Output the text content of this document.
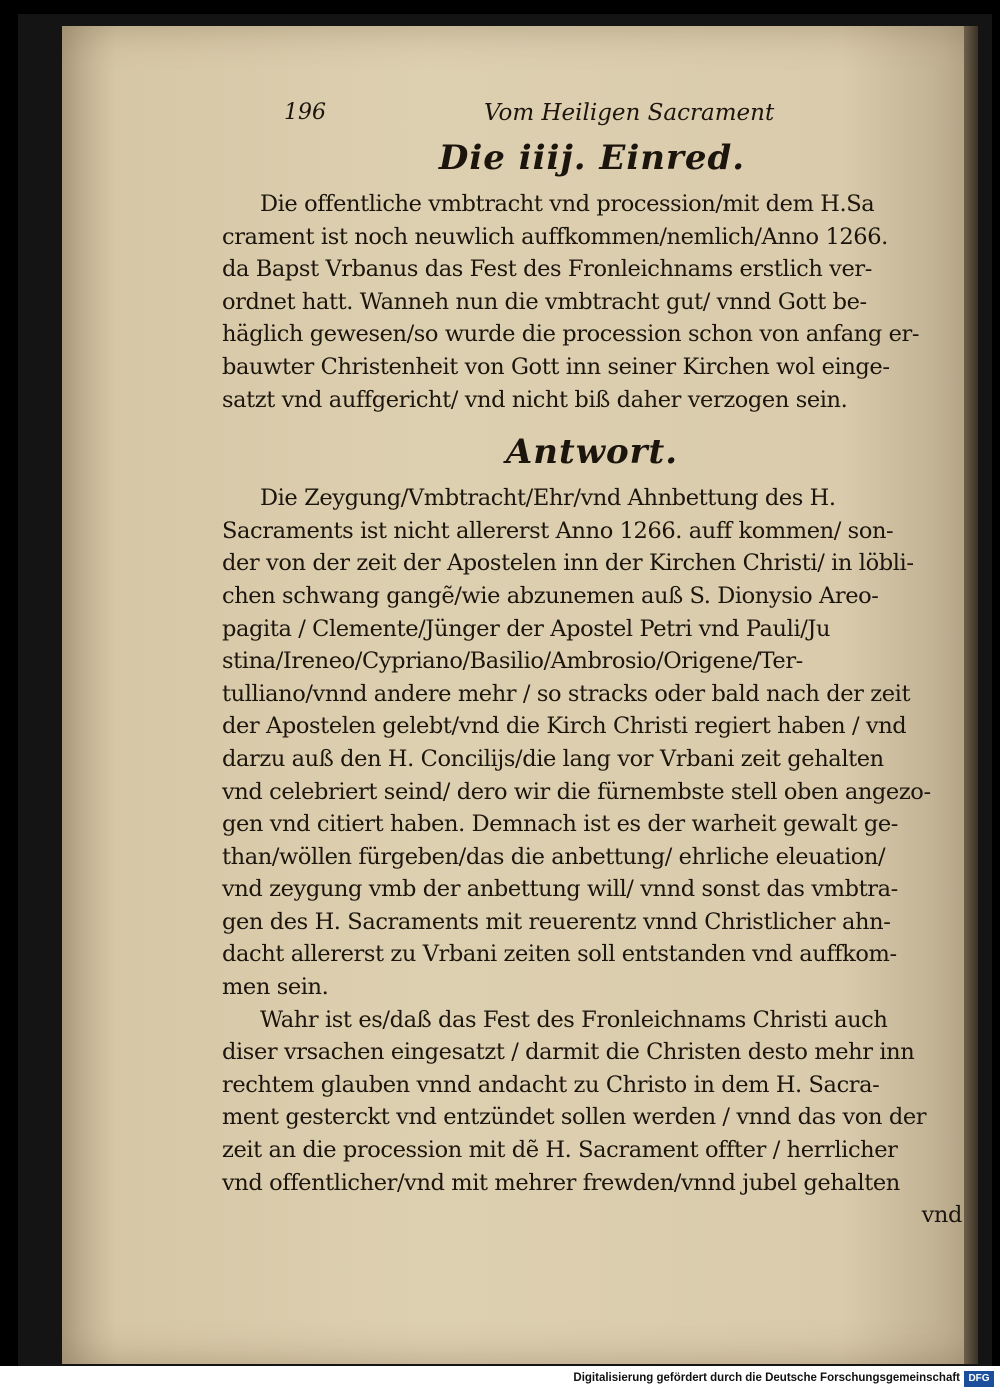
196	Vom Heiligen Sacrament
Die iiij. Einred.
Die offentliche vmbtracht vnd procession/mit dem H.Sa
crament ist noch neuwlich auffkommen/nemlich/Anno 1266.
da Bapst Vrbanus das Fest des Fronleichnams erstlich ver-
ordnet hatt. Wanneh nun die vmbtracht gut/ vnnd Gott be-
häglich gewesen/so wurde die procession schon von anfang er-
bauwter Christenheit von Gott inn seiner Kirchen wol einge-
satzt vnd auffgericht/ vnd nicht biß daher verzogen sein.
Antwort.
Die Zeygung/Vmbtracht/Ehr/vnd Ahnbettung des H.
Sacraments ist nicht allererst Anno 1266. auff kommen/ son-
der von der zeit der Apostelen inn der Kirchen Christi/ in löbli-
chen schwang gangẽ/wie abzunemen auß S. Dionysio Areo-
pagita / Clemente/Jünger der Apostel Petri vnd Pauli/Ju
stina/Ireneo/Cypriano/Basilio/Ambrosio/Origene/Ter-
tulliano/vnnd andere mehr / so stracks oder bald nach der zeit
der Apostelen gelebt/vnd die Kirch Christi regiert haben / vnd
darzu auß den H. Concilijs/die lang vor Vrbani zeit gehalten
vnd celebriert seind/ dero wir die fürnembste stell oben angezo-
gen vnd citiert haben. Demnach ist es der warheit gewalt ge-
than/wöllen fürgeben/das die anbettung/ ehrliche eleuation/
vnd zeygung vmb der anbettung will/ vnnd sonst das vmbtra-
gen des H. Sacraments mit reuerentz vnnd Christlicher ahn-
dacht allererst zu Vrbani zeiten soll entstanden vnd auffkom-
men sein.
Wahr ist es/daß das Fest des Fronleichnams Christi auch
diser vrsachen eingesatzt / darmit die Christen desto mehr inn
rechtem glauben vnnd andacht zu Christo in dem H. Sacra-
ment gesterckt vnd entzündet sollen werden / vnnd das von der
zeit an die procession mit dẽ H. Sacrament offter / herrlicher
vnd offentlicher/vnd mit mehrer frewden/vnnd jubel gehalten
vnd
Digitalisierung gefördert durch die Deutsche Forschungsgemeinschaft DFG
